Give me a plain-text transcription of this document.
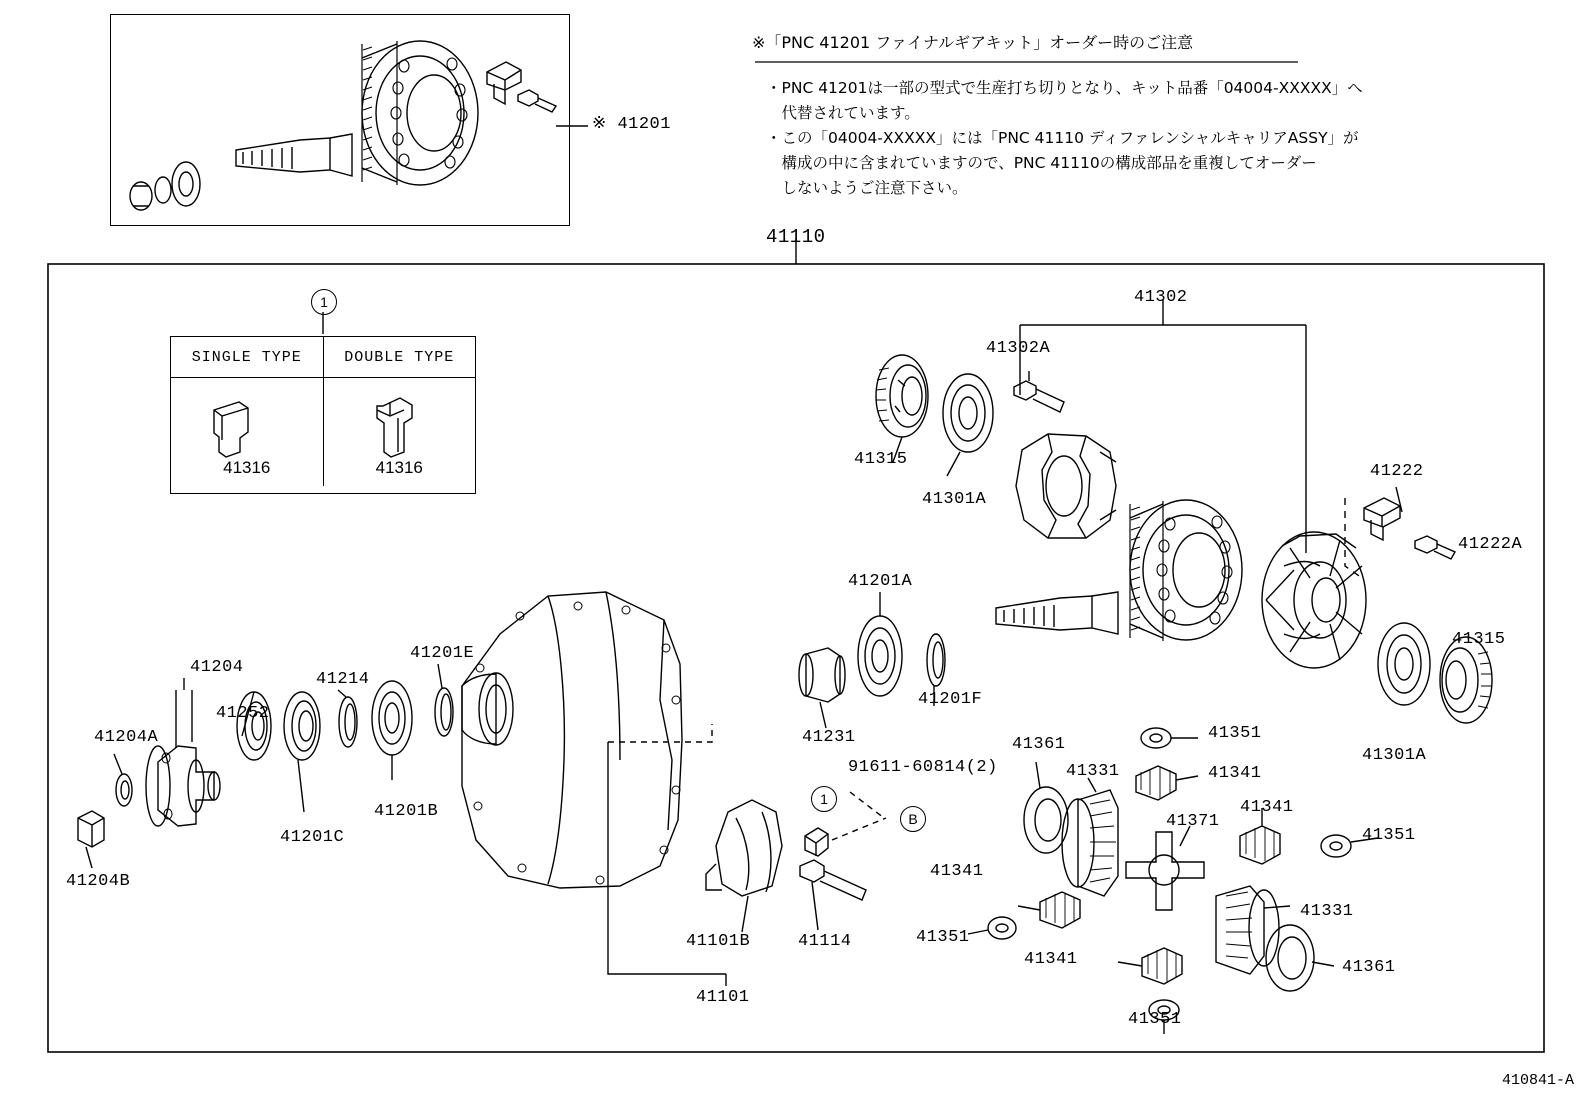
※ 41201
※「PNC 41201 ファイナルギアキット」オーダー時のご注意
・PNC 41201は一部の型式で生産打ち切りとなり、キット品番「04004-XXXXX」へ
　代替されています。
・この「04004-XXXXX」には「PNC 41110 ディファレンシャルキャリアASSY」が
　構成の中に含まれていますので、PNC 41110の構成部品を重複してオーダー
　しないようご注意下さい。
41110
1
1
B
SINGLE TYPE	DOUBLE TYPE
41316	41316
41302
41302A
41315
41301A
41222
41222A
41315
41301A
41201A
41201F
41231
41204
41252
41204A
41204B
41201C
41214
41201B
41201E
41101B	41114
41101
91611-60814(2)
41361
41331
41351
41341
41341
41371
41351
41341
41351
41341
41331
41361
41351
410841-A
